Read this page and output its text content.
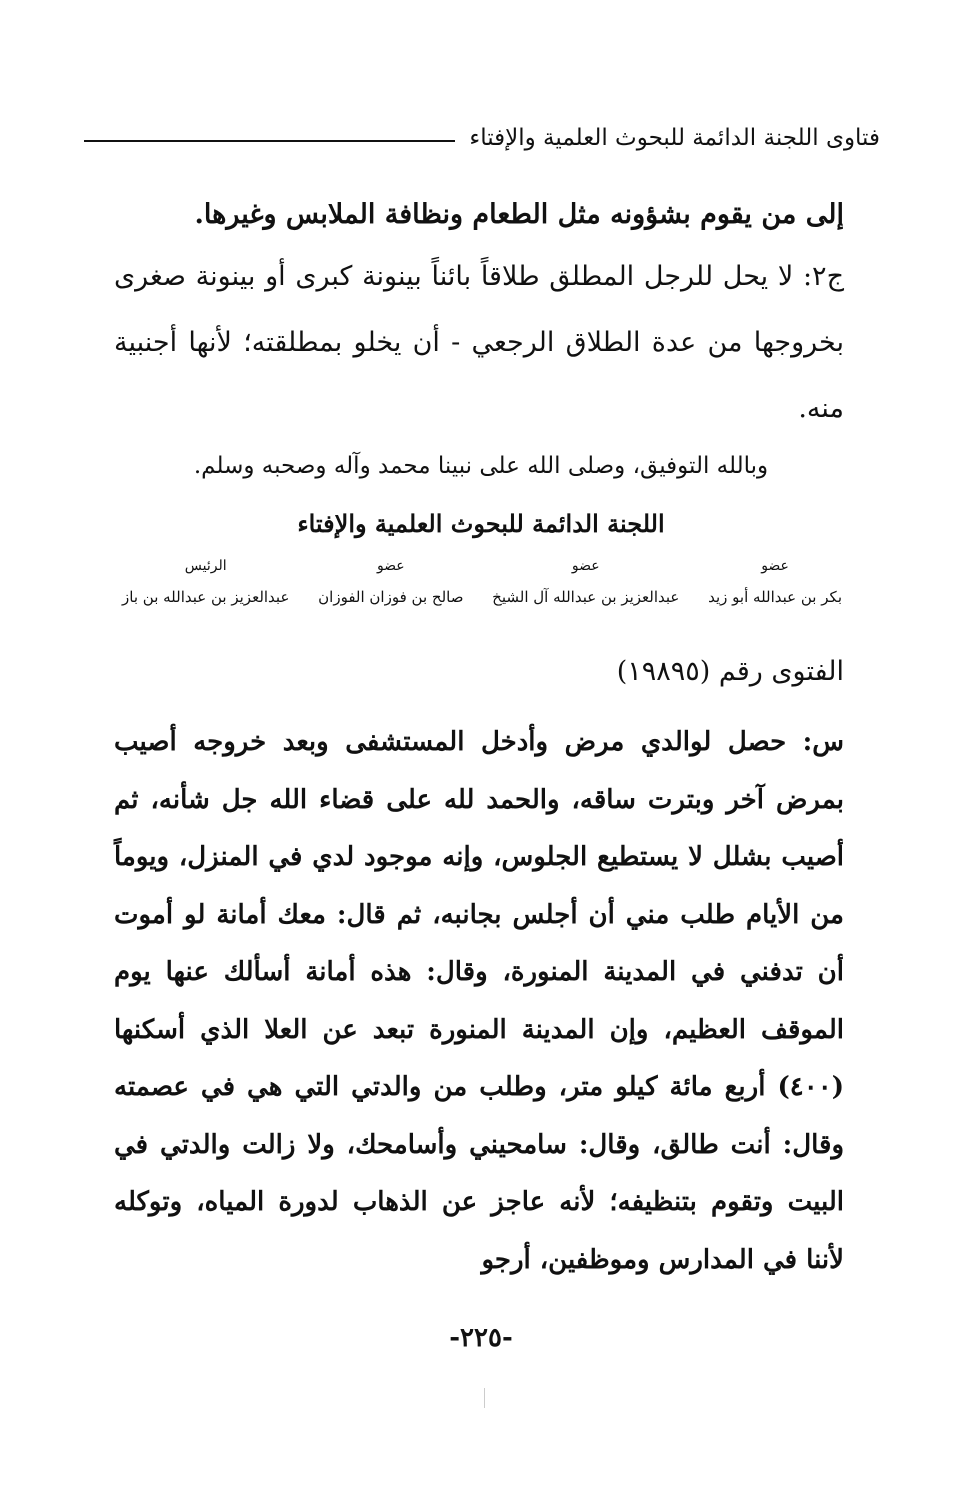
فتاوى اللجنة الدائمة للبحوث العلمية والإفتاء
إلى من يقوم بشؤونه مثل الطعام ونظافة الملابس وغيرها.
ج٢: لا يحل للرجل المطلق طلاقاً بائناً بينونة كبرى أو بينونة صغرى بخروجها من عدة الطلاق الرجعي - أن يخلو بمطلقته؛ لأنها أجنبية منه.
وبالله التوفيق، وصلى الله على نبينا محمد وآله وصحبه وسلم.
اللجنة الدائمة للبحوث العلمية والإفتاء
عضو
بكر بن عبدالله أبو زيد
عضو
عبدالعزيز بن عبدالله آل الشيخ
عضو
صالح بن فوزان الفوزان
الرئيس
عبدالعزيز بن عبدالله بن باز
الفتوى رقم (١٩٨٩٥)

س: حصل لوالدي مرض وأدخل المستشفى وبعد خروجه أصيب بمرض آخر وبترت ساقه، والحمد لله على قضاء الله جل شأنه، ثم أصيب بشلل لا يستطيع الجلوس، وإنه موجود لدي في المنزل، ويوماً من الأيام طلب مني أن أجلس بجانبه، ثم قال: معك أمانة لو أموت أن تدفني في المدينة المنورة، وقال: هذه أمانة أسألك عنها يوم الموقف العظيم، وإن المدينة المنورة تبعد عن العلا الذي أسكنها (٤٠٠) أربع مائة كيلو متر، وطلب من والدتي التي هي في عصمته وقال: أنت طالق، وقال: سامحيني وأسامحك، ولا زالت والدتي في البيت وتقوم بتنظيفه؛ لأنه عاجز عن الذهاب لدورة المياه، وتوكله لأننا في المدارس وموظفين، أرجو

-٢٢٥-
